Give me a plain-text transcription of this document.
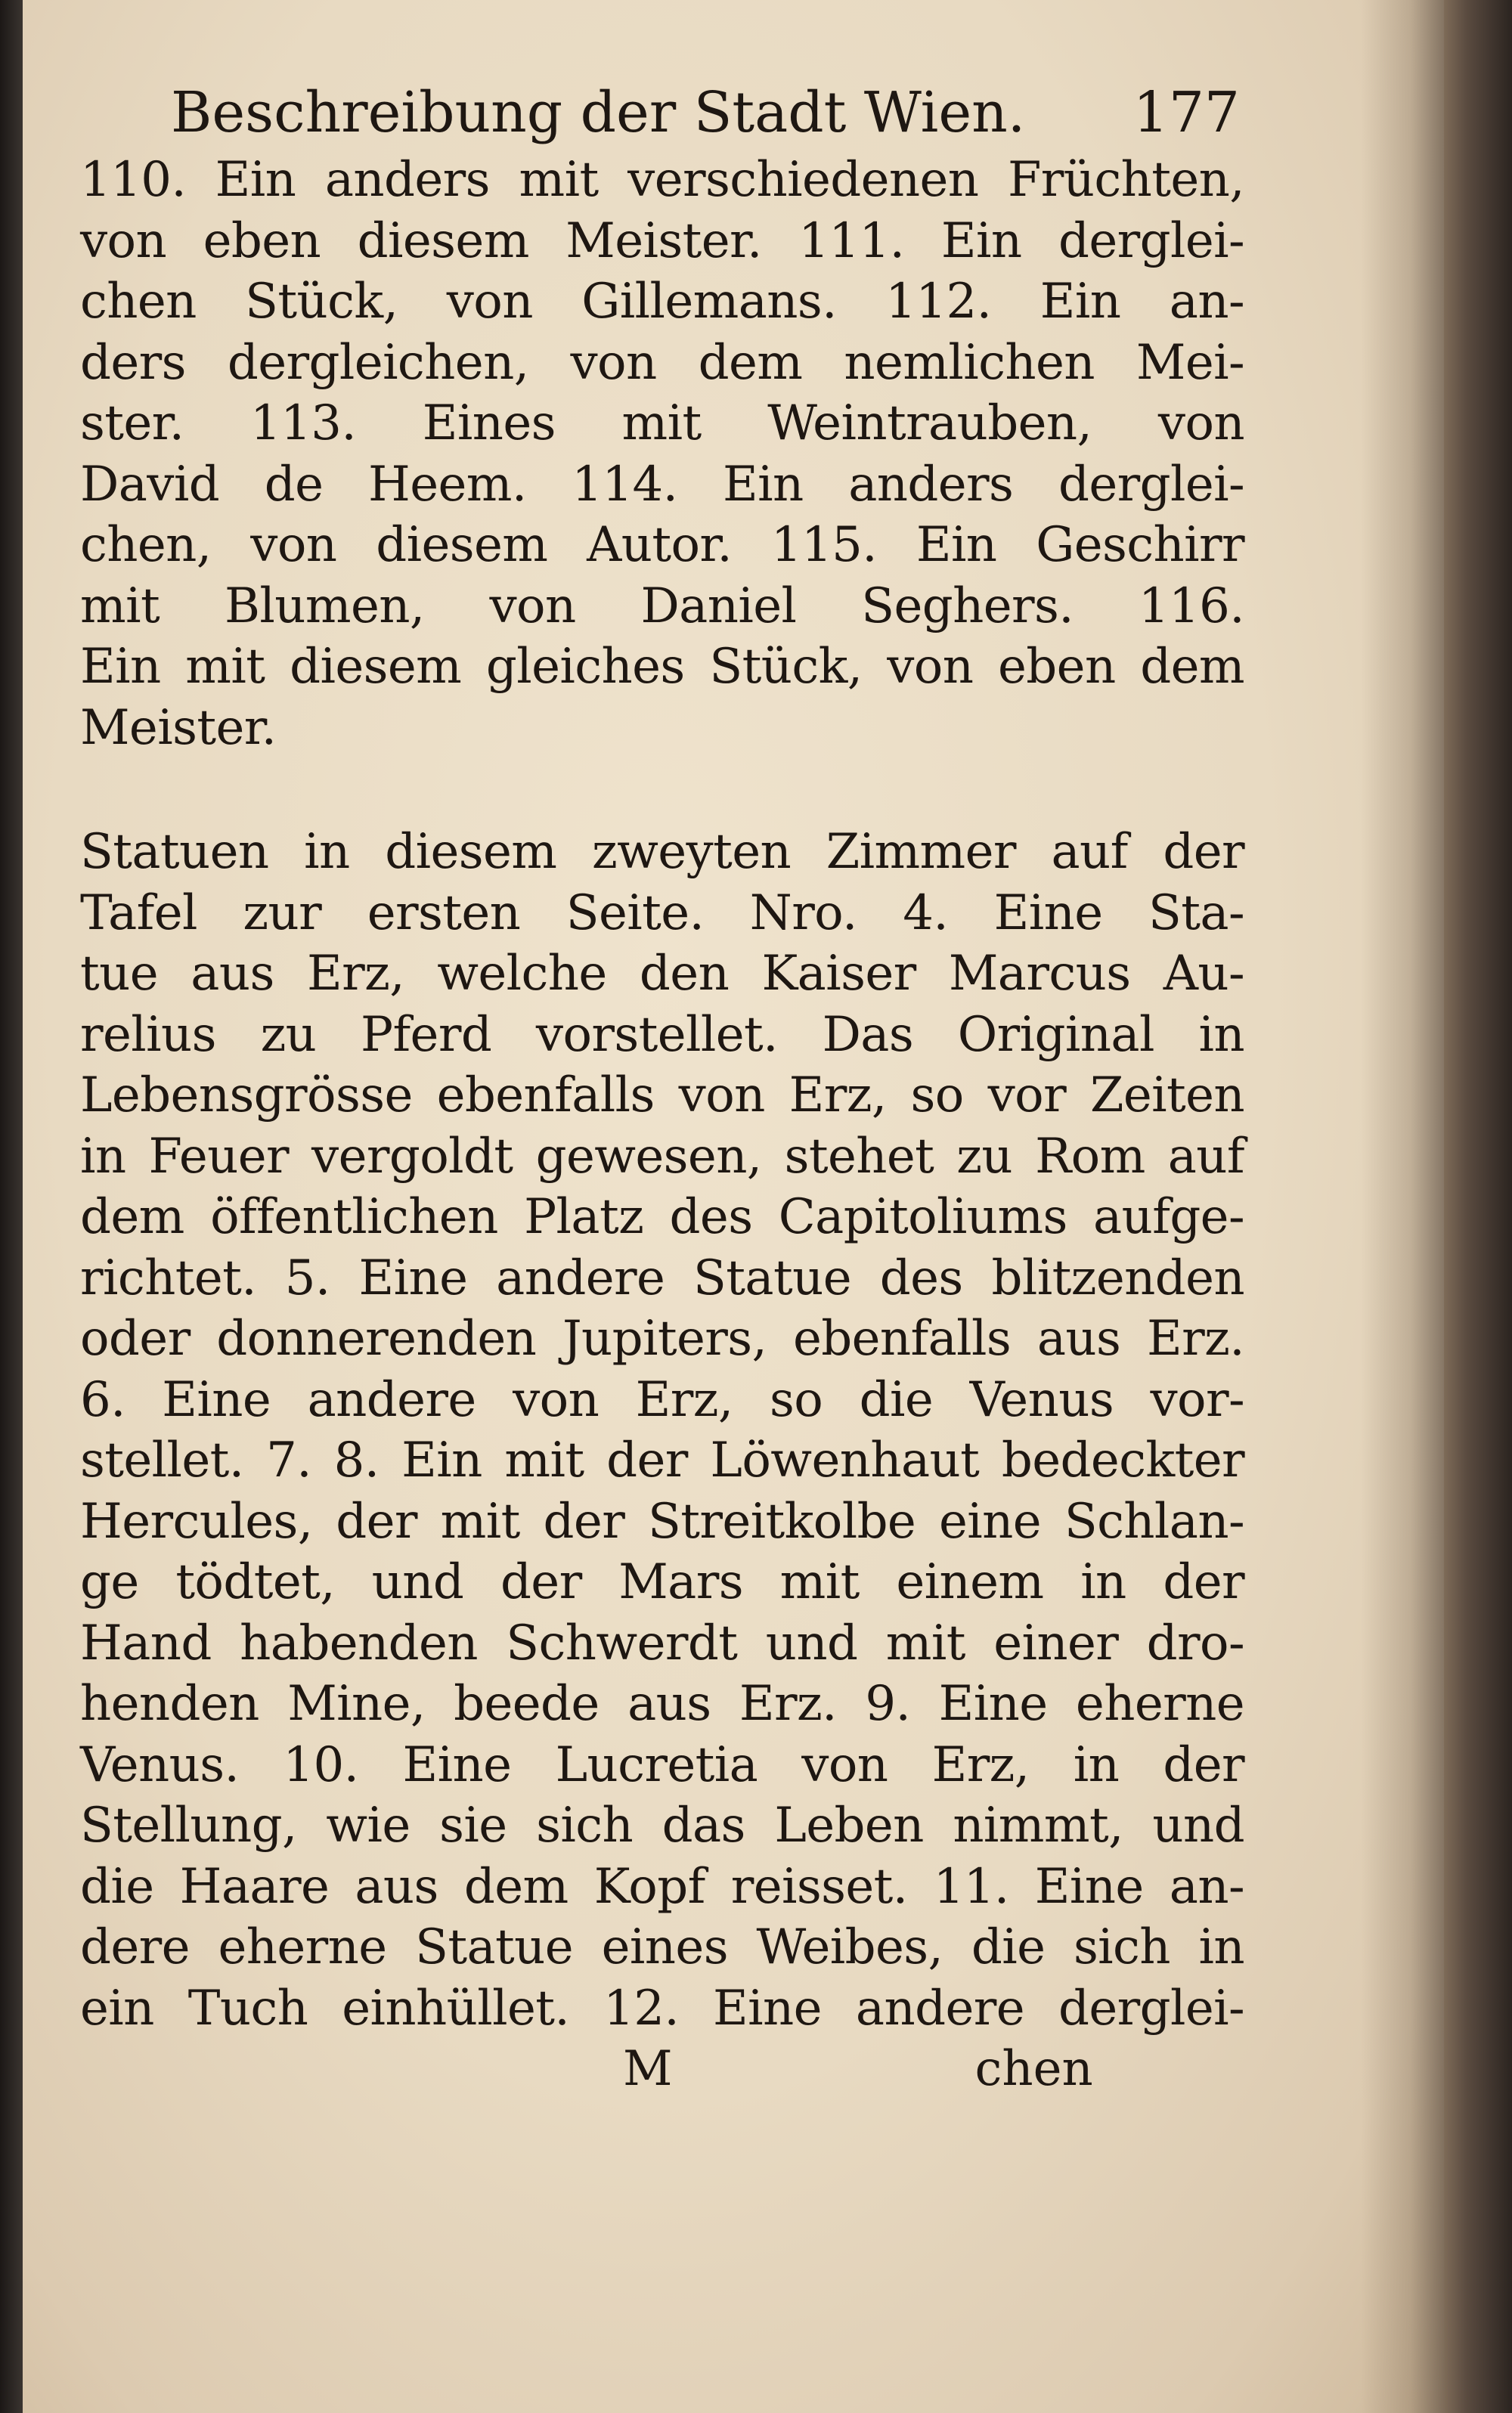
Beschreibung der Stadt Wien. 177
110. Ein anders mit verschiedenen Früchten,
von eben diesem Meister. 111. Ein derglei-
chen Stück, von Gillemans. 112. Ein an-
ders dergleichen, von dem nemlichen Mei-
ster. 113. Eines mit Weintrauben, von
David de Heem. 114. Ein anders derglei-
chen, von diesem Autor. 115. Ein Geschirr
mit Blumen, von Daniel Seghers. 116.
Ein mit diesem gleiches Stück, von eben dem
Meister.
Statuen in diesem zweyten Zimmer auf der
Tafel zur ersten Seite. Nro. 4. Eine Sta-
tue aus Erz, welche den Kaiser Marcus Au-
relius zu Pferd vorstellet. Das Original in
Lebensgrösse ebenfalls von Erz, so vor Zeiten
in Feuer vergoldt gewesen, stehet zu Rom auf
dem öffentlichen Platz des Capitoliums aufge-
richtet. 5. Eine andere Statue des blitzenden
oder donnerenden Jupiters, ebenfalls aus Erz.
6. Eine andere von Erz, so die Venus vor-
stellet. 7. 8. Ein mit der Löwenhaut bedeckter
Hercules, der mit der Streitkolbe eine Schlan-
ge tödtet, und der Mars mit einem in der
Hand habenden Schwerdt und mit einer dro-
henden Mine, beede aus Erz. 9. Eine eherne
Venus. 10. Eine Lucretia von Erz, in der
Stellung, wie sie sich das Leben nimmt, und
die Haare aus dem Kopf reisset. 11. Eine an-
dere eherne Statue eines Weibes, die sich in
ein Tuch einhüllet. 12. Eine andere derglei-
M	chen
